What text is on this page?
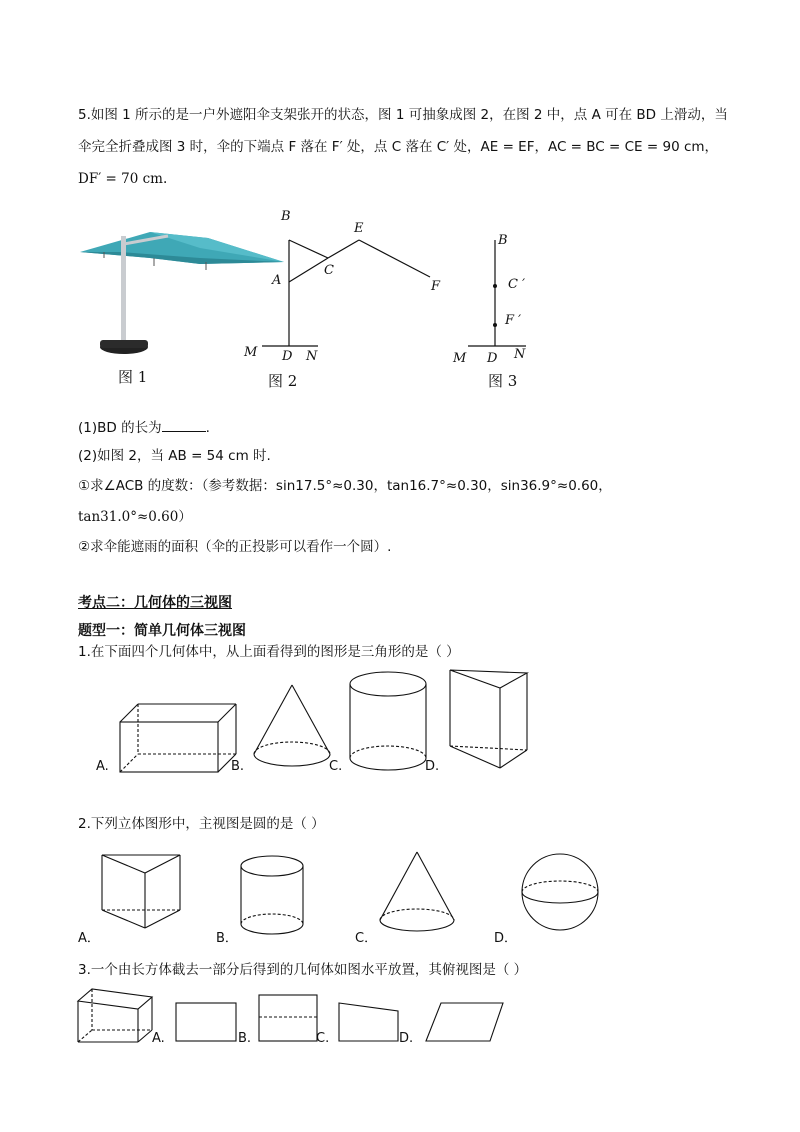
5.如图 1 所示的是一户外遮阳伞支架张开的状态，图 1 可抽象成图 2，在图 2 中，点 A 可在 BD 上滑动，当
伞完全折叠成图 3 时，伞的下端点 F 落在 F′ 处，点 C 落在 C′ 处，AE = EF，AC = BC = CE = 90 cm，
DF′ = 70 cm.
图 1
B
A
C
E
F
M D N
图 2
B
C ′
F ′
M D N
图 3
(1)BD 的长为	.
(2)如图 2，当 AB = 54 cm 时.
①求∠ACB 的度数：（参考数据：sin17.5°≈0.30，tan16.7°≈0.30，sin36.9°≈0.60，
tan31.0°≈0.60）
②求伞能遮雨的面积（伞的正投影可以看作一个圆）.
考点二：几何体的三视图
题型一：简单几何体三视图
1.在下面四个几何体中，从上面看得到的图形是三角形的是（ ）
A.	B.	C.	D.
2.下列立体图形中，主视图是圆的是（ ）
A．	B．	C．	D．
3.一个由长方体截去一部分后得到的几何体如图水平放置，其俯视图是（ ）
A.	B.	C.	D.
